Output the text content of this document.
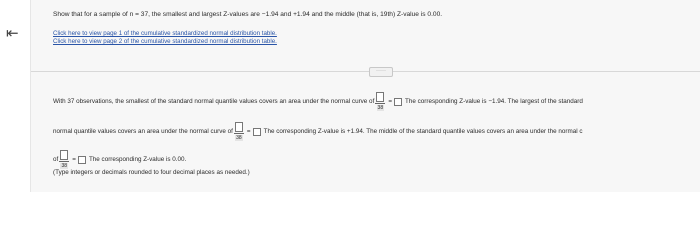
⇤
Show that for a sample of n = 37, the smallest and largest Z-values are −1.94 and +1.94 and the middle (that is, 19th) Z-value is 0.00.
Click here to view page 1 of the cumulative standardized normal distribution table.
Click here to view page 2 of the cumulative standardized normal distribution table.
·····
With 37 observations, the smallest of the standard normal quantile values covers an area under the normal curve of
38
= The corresponding Z-value is −1.94. The largest of the standard
normal quantile values covers an area under the normal curve of
38
= The corresponding Z-value is +1.94. The middle of the standard quantile values covers an area under the normal c
of
38
= The corresponding Z-value is 0.00.
(Type integers or decimals rounded to four decimal places as needed.)
